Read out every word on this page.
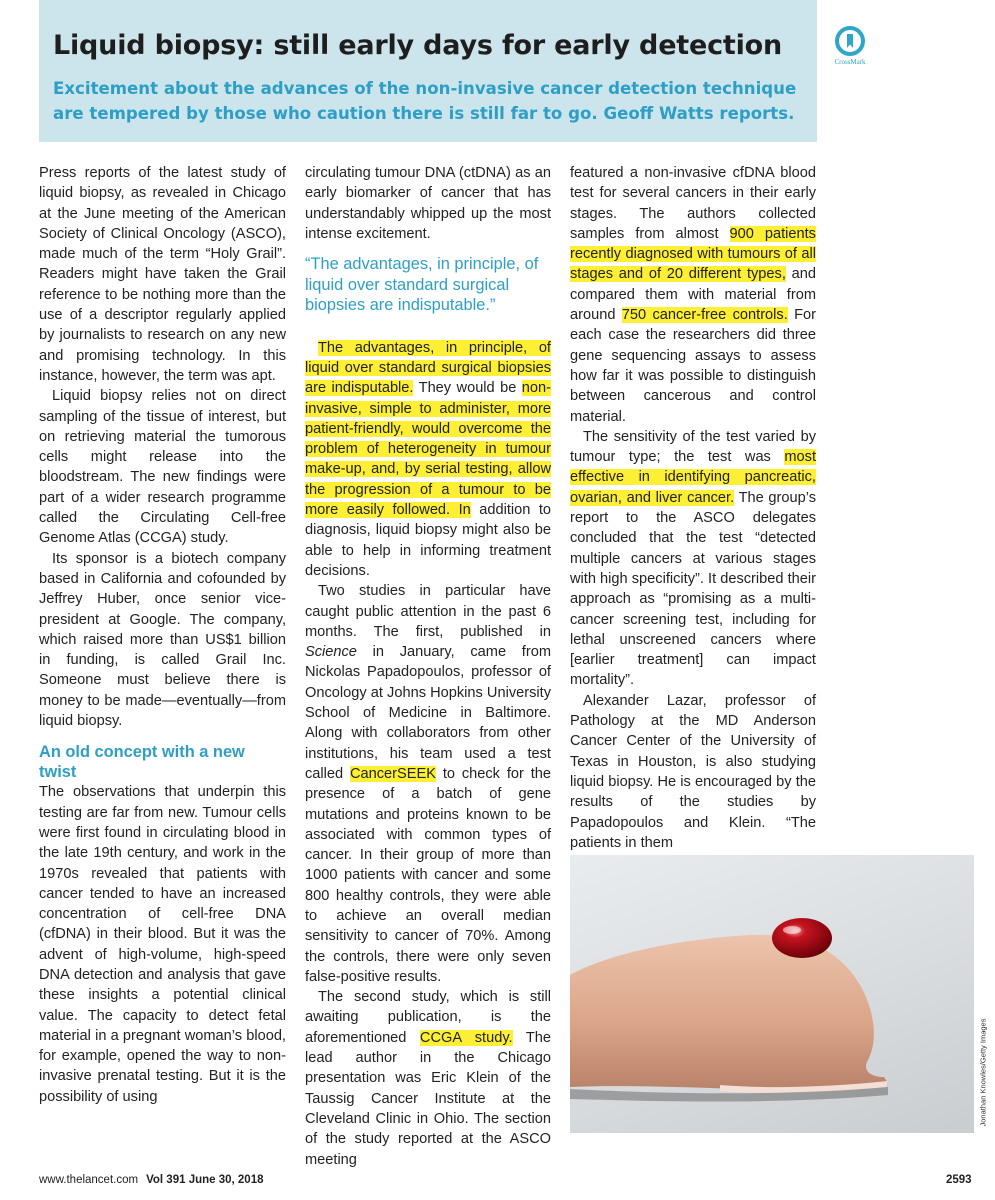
Liquid biopsy: still early days for early detection

Excitement about the advances of the non-invasive cancer detection technique are tempered by those who caution there is still far to go. Geoff Watts reports.

CrossMark

Press reports of the latest study of liquid biopsy, as revealed in Chicago at the June meeting of the American Society of Clinical Oncology (ASCO), made much of the term “Holy Grail”. Readers might have taken the Grail reference to be nothing more than the use of a descriptor regularly applied by journalists to research on any new and promising technology. In this instance, however, the term was apt.

Liquid biopsy relies not on direct sampling of the tissue of interest, but on retrieving material the tumorous cells might release into the bloodstream. The new findings were part of a wider research programme called the Circulating Cell-free Genome Atlas (CCGA) study.

Its sponsor is a biotech company based in California and cofounded by Jeffrey Huber, once senior vice-president at Google. The company, which raised more than US$1 billion in funding, is called Grail Inc. Someone must believe there is money to be made—eventually—from liquid biopsy.

An old concept with a new twist

The observations that underpin this testing are far from new. Tumour cells were first found in circulating blood in the late 19th century, and work in the 1970s revealed that patients with cancer tended to have an increased concentration of cell-free DNA (cfDNA) in their blood. But it was the advent of high-volume, high-speed DNA detection and analysis that gave these insights a potential clinical value. The capacity to detect fetal material in a pregnant woman’s blood, for example, opened the way to non-invasive prenatal testing. But it is the possibility of using

circulating tumour DNA (ctDNA) as an early biomarker of cancer that has understandably whipped up the most intense excitement.

“The advantages, in principle, of liquid over standard surgical biopsies are indisputable.”

The advantages, in principle, of liquid over standard surgical biopsies are indisputable. They would be non-invasive, simple to administer, more patient-friendly, would overcome the problem of heterogeneity in tumour make-up, and, by serial testing, allow the progression of a tumour to be more easily followed. In addition to diagnosis, liquid biopsy might also be able to help in informing treatment decisions.

Two studies in particular have caught public attention in the past 6 months. The first, published in Science in January, came from Nickolas Papadopoulos, professor of Oncology at Johns Hopkins University School of Medicine in Baltimore. Along with collaborators from other institutions, his team used a test called CancerSEEK to check for the presence of a batch of gene mutations and proteins known to be associated with common types of cancer. In their group of more than 1000 patients with cancer and some 800 healthy controls, they were able to achieve an overall median sensitivity to cancer of 70%. Among the controls, there were only seven false-positive results.

The second study, which is still awaiting publication, is the aforementioned CCGA study. The lead author in the Chicago presentation was Eric Klein of the Taussig Cancer Institute at the Cleveland Clinic in Ohio. The section of the study reported at the ASCO meeting

featured a non-invasive cfDNA blood test for several cancers in their early stages. The authors collected samples from almost 900 patients recently diagnosed with tumours of all stages and of 20 different types, and compared them with material from around 750 cancer-free controls. For each case the researchers did three gene sequencing assays to assess how far it was possible to distinguish between cancerous and control material.

The sensitivity of the test varied by tumour type; the test was most effective in identifying pancreatic, ovarian, and liver cancer. The group’s report to the ASCO delegates concluded that the test “detected multiple cancers at various stages with high specificity”. It described their approach as “promising as a multi-cancer screening test, including for lethal unscreened cancers where [earlier treatment] can impact mortality”.

Alexander Lazar, professor of Pathology at the MD Anderson Cancer Center of the University of Texas in Houston, is also studying liquid biopsy. He is encouraged by the results of the studies by Papadopoulos and Klein. “The patients in them

Jonathan Knowles/Getty Images
www.thelancet.com Vol 391 June 30, 2018	2593
